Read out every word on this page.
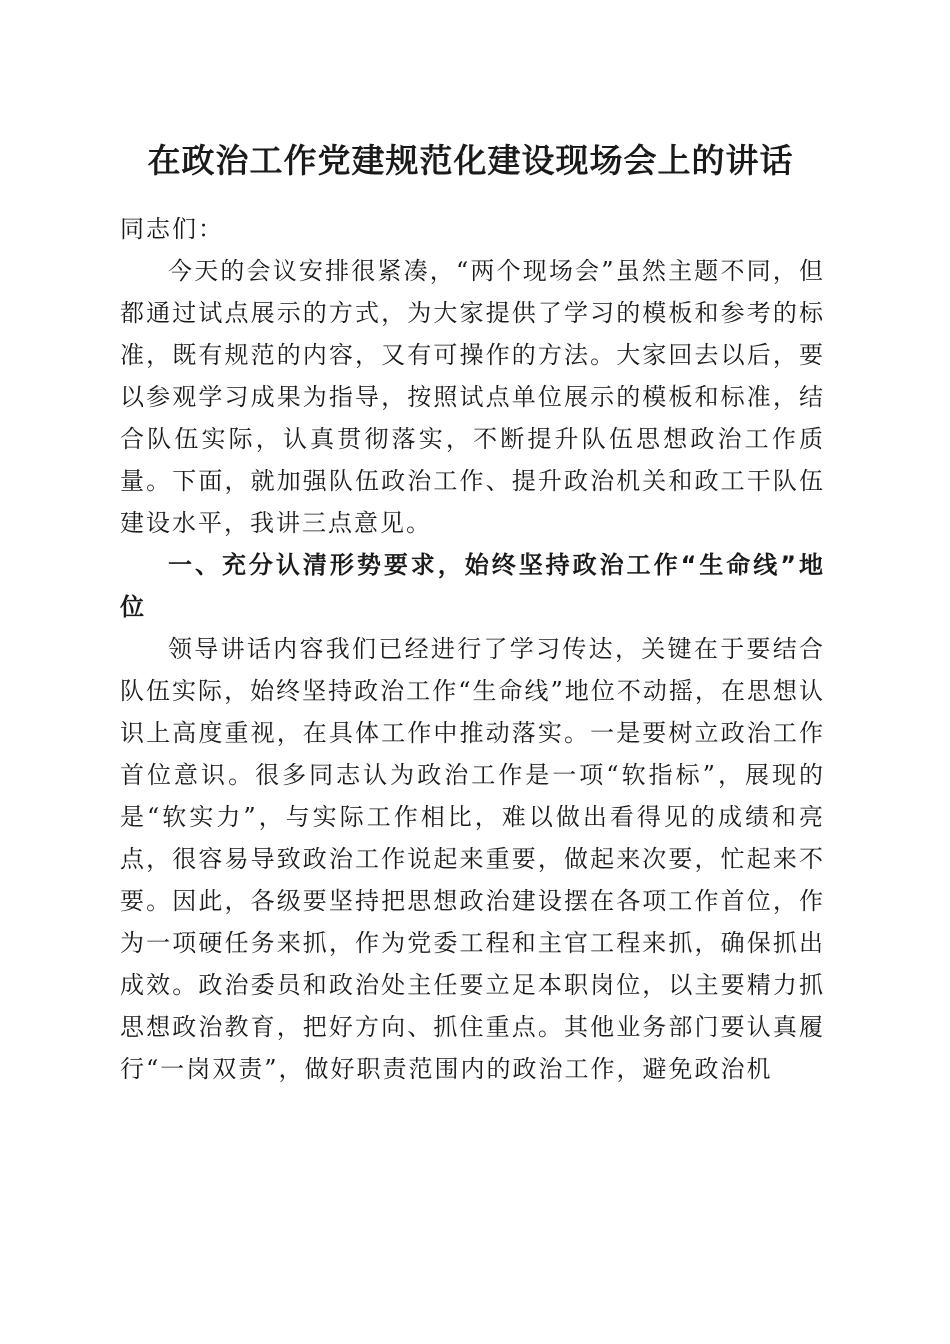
在政治工作党建规范化建设现场会上的讲话

同志们：

今天的会议安排很紧凑，“两个现场会”虽然主题不同，但都通过试点展示的方式，为大家提供了学习的模板和参考的标准，既有规范的内容，又有可操作的方法。大家回去以后，要以参观学习成果为指导，按照试点单位展示的模板和标准，结合队伍实际，认真贯彻落实，不断提升队伍思想政治工作质量。下面，就加强队伍政治工作、提升政治机关和政工干队伍建设水平，我讲三点意见。

一、充分认清形势要求，始终坚持政治工作“生命线”地位

领导讲话内容我们已经进行了学习传达，关键在于要结合队伍实际，始终坚持政治工作“生命线”地位不动摇，在思想认识上高度重视，在具体工作中推动落实。一是要树立政治工作首位意识。很多同志认为政治工作是一项“软指标”，展现的是“软实力”，与实际工作相比，难以做出看得见的成绩和亮点，很容易导致政治工作说起来重要，做起来次要，忙起来不要。因此，各级要坚持把思想政治建设摆在各项工作首位，作为一项硬任务来抓，作为党委工程和主官工程来抓，确保抓出成效。政治委员和政治处主任要立足本职岗位，以主要精力抓思想政治教育，把好方向、抓住重点。其他业务部门要认真履行“一岗双责”，做好职责范围内的政治工作，避免政治机
